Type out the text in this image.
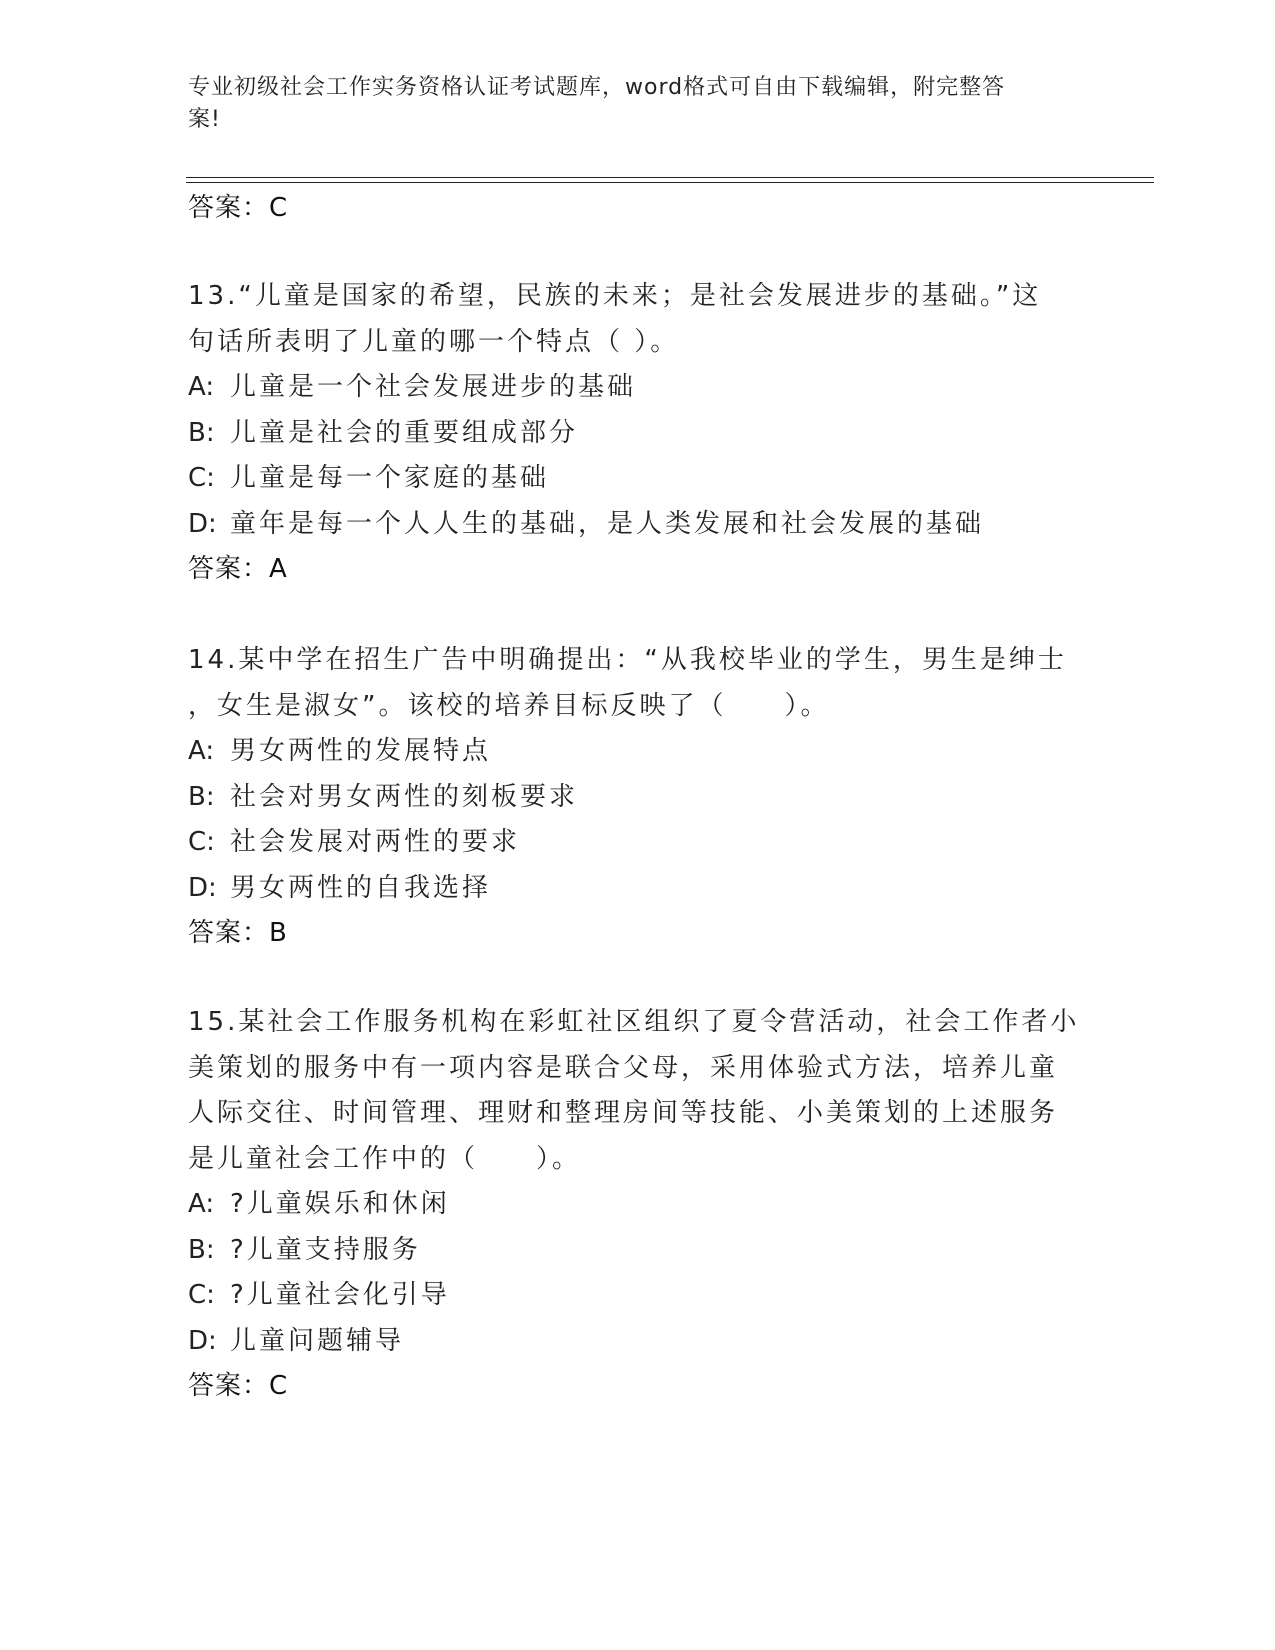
专业初级社会工作实务资格认证考试题库，word格式可自由下载编辑，附完整答
案!
答案：C
13.“儿童是国家的希望，民族的未来；是社会发展进步的基础。”这
句话所表明了儿童的哪一个特点（ ）。
A: 儿童是一个社会发展进步的基础
B: 儿童是社会的重要组成部分
C: 儿童是每一个家庭的基础
D: 童年是每一个人人生的基础，是人类发展和社会发展的基础
答案：A
14.某中学在招生广告中明确提出：“从我校毕业的学生，男生是绅士
，女生是淑女”。该校的培养目标反映了（　　）。
A: 男女两性的发展特点
B: 社会对男女两性的刻板要求
C: 社会发展对两性的要求
D: 男女两性的自我选择
答案：B
15.某社会工作服务机构在彩虹社区组织了夏令营活动，社会工作者小
美策划的服务中有一项内容是联合父母，采用体验式方法，培养儿童
人际交往、时间管理、理财和整理房间等技能、小美策划的上述服务
是儿童社会工作中的（　　）。
A: ?儿童娱乐和休闲
B: ?儿童支持服务
C: ?儿童社会化引导
D: 儿童问题辅导
答案：C
